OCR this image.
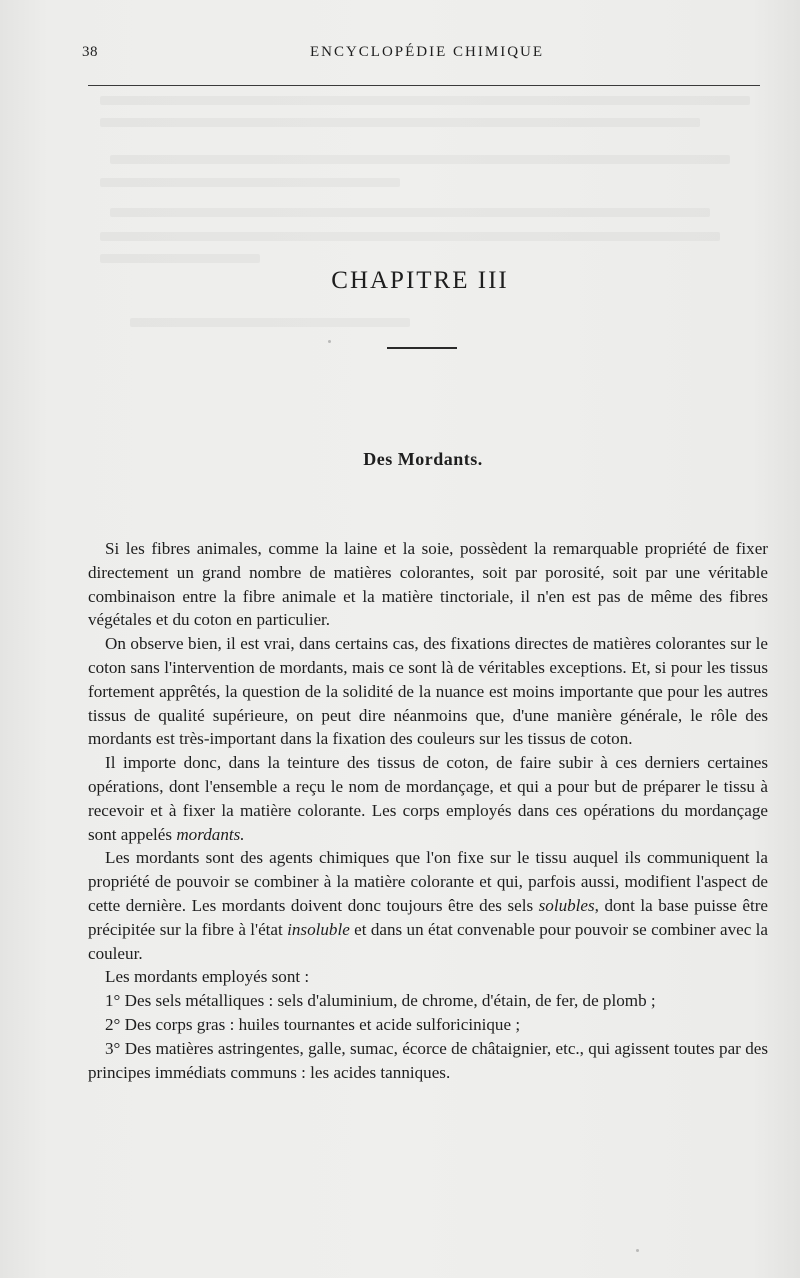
38	ENCYCLOPÉDIE CHIMIQUE
CHAPITRE III
Des Mordants.

Si les fibres animales, comme la laine et la soie, possèdent la remarquable propriété de fixer directement un grand nombre de matières colorantes, soit par porosité, soit par une véritable combinaison entre la fibre animale et la matière tinctoriale, il n'en est pas de même des fibres végétales et du coton en particulier.

On observe bien, il est vrai, dans certains cas, des fixations directes de matières colorantes sur le coton sans l'intervention de mordants, mais ce sont là de véritables exceptions. Et, si pour les tissus fortement apprêtés, la question de la solidité de la nuance est moins importante que pour les autres tissus de qualité supérieure, on peut dire néanmoins que, d'une manière générale, le rôle des mordants est très-important dans la fixation des couleurs sur les tissus de coton.

Il importe donc, dans la teinture des tissus de coton, de faire subir à ces derniers certaines opérations, dont l'ensemble a reçu le nom de mordançage, et qui a pour but de préparer le tissu à recevoir et à fixer la matière colorante. Les corps employés dans ces opérations du mordançage sont appelés mordants.

Les mordants sont des agents chimiques que l'on fixe sur le tissu auquel ils communiquent la propriété de pouvoir se combiner à la matière colorante et qui, parfois aussi, modifient l'aspect de cette dernière. Les mordants doivent donc toujours être des sels solubles, dont la base puisse être précipitée sur la fibre à l'état insoluble et dans un état convenable pour pouvoir se combiner avec la couleur.

Les mordants employés sont :

1° Des sels métalliques : sels d'aluminium, de chrome, d'étain, de fer, de plomb ;

2° Des corps gras : huiles tournantes et acide sulforicinique ;

3° Des matières astringentes, galle, sumac, écorce de châtaignier, etc., qui agissent toutes par des principes immédiats communs : les acides tanniques.
